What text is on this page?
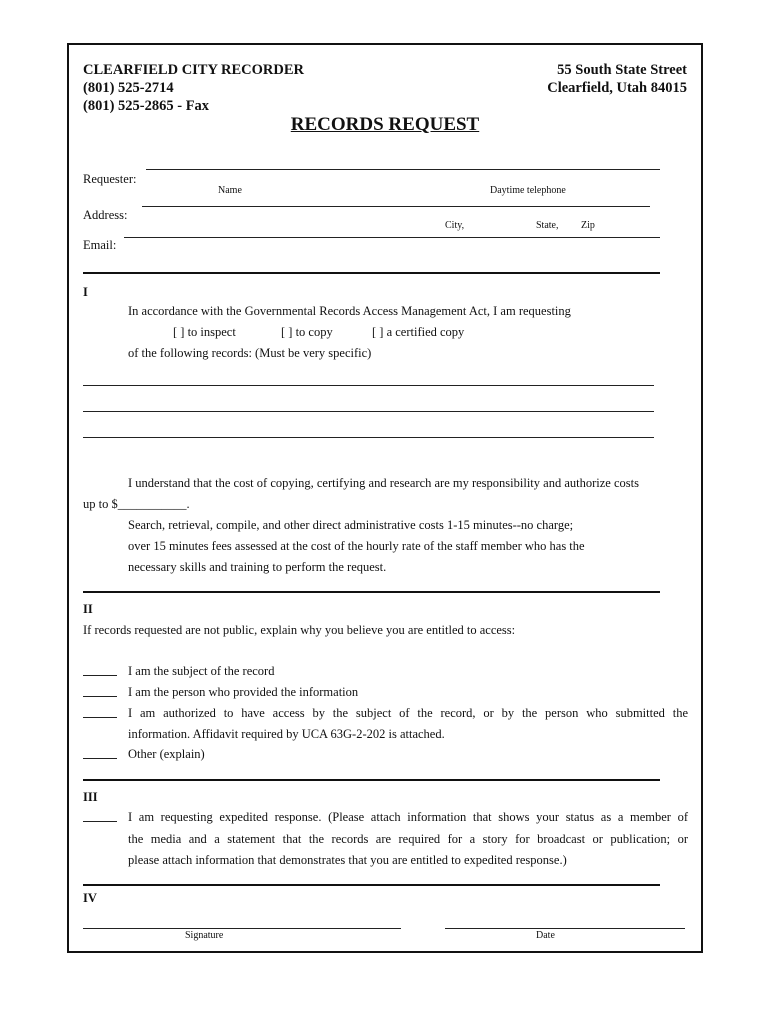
CLEARFIELD CITY RECORDER
(801) 525-2714
(801) 525-2865 - Fax
55 South State Street
Clearfield, Utah 84015
RECORDS REQUEST
Requester:
Name	Daytime telephone
Address:
City,	State, Zip
Email:
I
In accordance with the Governmental Records Access Management Act, I am requesting
[ ] to inspect	[ ] to copy	[ ] a certified copy
of the following records: (Must be very specific)
I understand that the cost of copying, certifying and research are my responsibility and authorize costs
up to $___________.
Search, retrieval, compile, and other direct administrative costs 1-15 minutes--no charge;
over 15 minutes fees assessed at the cost of the hourly rate of the staff member who has the
necessary skills and training to perform the request.
II
If records requested are not public, explain why you believe you are entitled to access:
I am the subject of the record
I am the person who provided the information
I am authorized to have access by the subject of the record, or by the person who submitted the
information. Affidavit required by UCA 63G-2-202 is attached.
Other (explain)
III
I am requesting expedited response. (Please attach information that shows your status as a member of
the media and a statement that the records are required for a story for broadcast or publication; or
please attach information that demonstrates that you are entitled to expedited response.)
IV
Signature	Date
